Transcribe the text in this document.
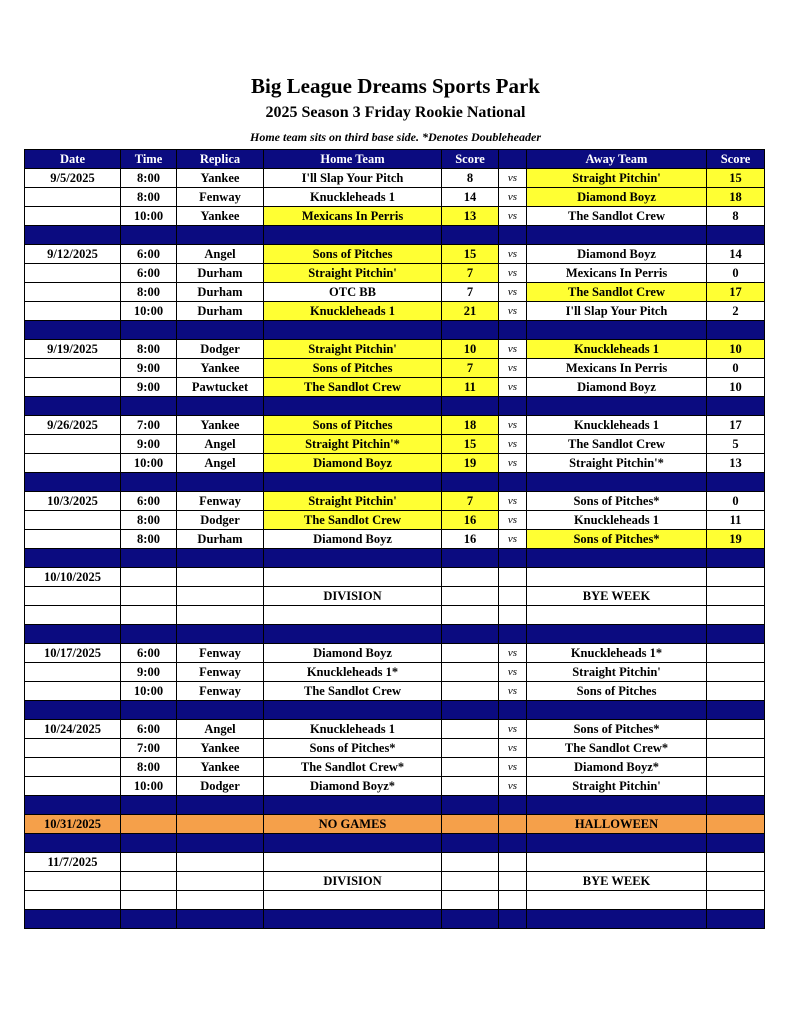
Big League Dreams Sports Park
2025 Season 3 Friday Rookie National
Home team sits on third base side. *Denotes Doubleheader
Date	Time	Replica	Home Team	Score		Away Team	Score
9/5/2025	8:00	Yankee	I'll Slap Your Pitch	8	vs	Straight Pitchin'	15
	8:00	Fenway	Knuckleheads 1	14	vs	Diamond Boyz	18
	10:00	Yankee	Mexicans In Perris	13	vs	The Sandlot Crew	8

9/12/2025	6:00	Angel	Sons of Pitches	15	vs	Diamond Boyz	14
	6:00	Durham	Straight Pitchin'	7	vs	Mexicans In Perris	0
	8:00	Durham	OTC BB	7	vs	The Sandlot Crew	17
	10:00	Durham	Knuckleheads 1	21	vs	I'll Slap Your Pitch	2

9/19/2025	8:00	Dodger	Straight Pitchin'	10	vs	Knuckleheads 1	10
	9:00	Yankee	Sons of Pitches	7	vs	Mexicans In Perris	0
	9:00	Pawtucket	The Sandlot Crew	11	vs	Diamond Boyz	10

9/26/2025	7:00	Yankee	Sons of Pitches	18	vs	Knuckleheads 1	17
	9:00	Angel	Straight Pitchin'*	15	vs	The Sandlot Crew	5
	10:00	Angel	Diamond Boyz	19	vs	Straight Pitchin'*	13

10/3/2025	6:00	Fenway	Straight Pitchin'	7	vs	Sons of Pitches*	0
	8:00	Dodger	The Sandlot Crew	16	vs	Knuckleheads 1	11
	8:00	Durham	Diamond Boyz	16	vs	Sons of Pitches*	19

10/10/2025							
			DIVISION			BYE WEEK	

10/17/2025	6:00	Fenway	Diamond Boyz		vs	Knuckleheads 1*	
	9:00	Fenway	Knuckleheads 1*		vs	Straight Pitchin'	
	10:00	Fenway	The Sandlot Crew		vs	Sons of Pitches	

10/24/2025	6:00	Angel	Knuckleheads 1		vs	Sons of Pitches*	
	7:00	Yankee	Sons of Pitches*		vs	The Sandlot Crew*	
	8:00	Yankee	The Sandlot Crew*		vs	Diamond Boyz*	
	10:00	Dodger	Diamond Boyz*		vs	Straight Pitchin'	

10/31/2025			NO GAMES			HALLOWEEN	

11/7/2025							
			DIVISION			BYE WEEK	
